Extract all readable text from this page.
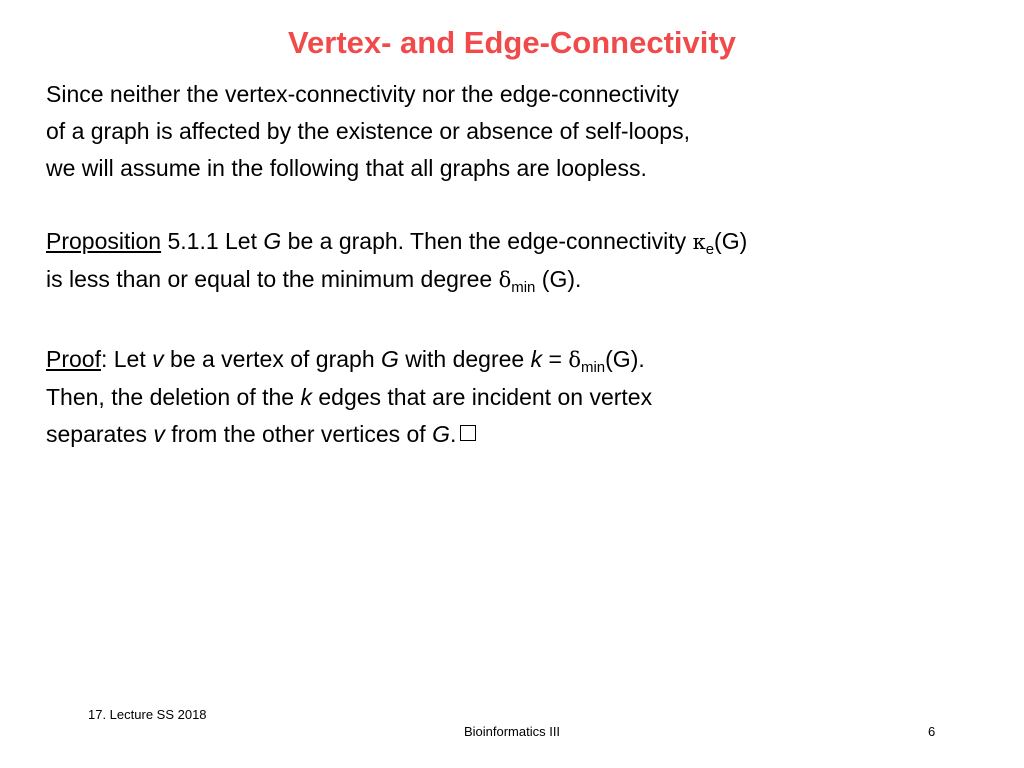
Vertex- and Edge-Connectivity
Since neither the vertex-connectivity nor the edge-connectivity
of a graph is affected by the existence or absence of self-loops,
we will assume in the following that all graphs are loopless.
Proposition 5.1.1 Let G be a graph. Then the edge-connectivity $\kappa_e(G)$
is less than or equal to the minimum degree $\delta_{min}$ (G).
Proof: Let v be a vertex of graph G with degree $k = \delta_{min}(G)$.
Then, the deletion of the k edges that are incident on vertex
separates v from the other vertices of G.

17. Lecture SS 2018

Bioinformatics III	6
